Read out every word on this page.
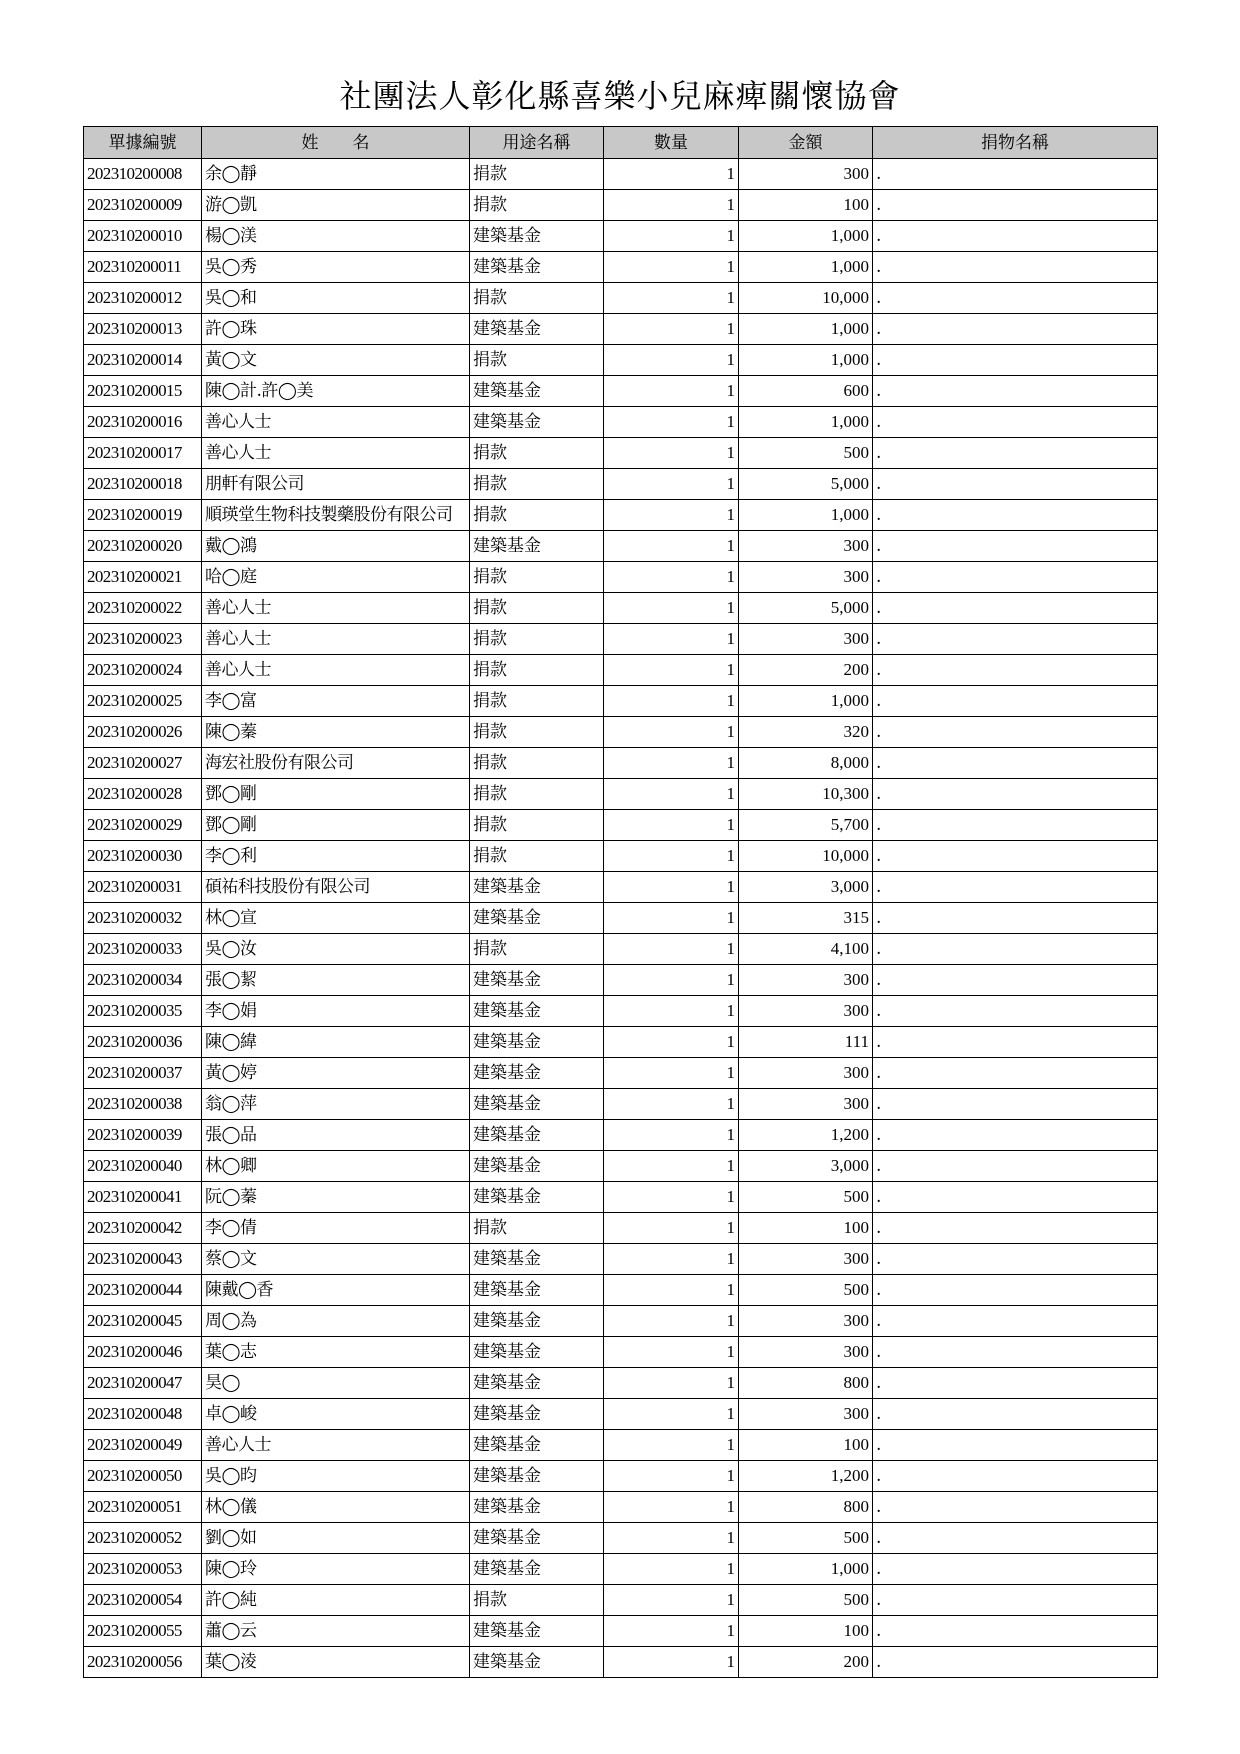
社團法人彰化縣喜樂小兒麻痺關懷協會
單據編號	姓　　名	用途名稱	數量	金額	捐物名稱
202310200008	余◯靜	捐款	1	300	.
202310200009	游◯凱	捐款	1	100	.
202310200010	楊◯渼	建築基金	1	1,000	.
202310200011	吳◯秀	建築基金	1	1,000	.
202310200012	吳◯和	捐款	1	10,000	.
202310200013	許◯珠	建築基金	1	1,000	.
202310200014	黃◯文	捐款	1	1,000	.
202310200015	陳◯計.許◯美	建築基金	1	600	.
202310200016	善心人士	建築基金	1	1,000	.
202310200017	善心人士	捐款	1	500	.
202310200018	朋軒有限公司	捐款	1	5,000	.
202310200019	順瑛堂生物科技製藥股份有限公司	捐款	1	1,000	.
202310200020	戴◯鴻	建築基金	1	300	.
202310200021	哈◯庭	捐款	1	300	.
202310200022	善心人士	捐款	1	5,000	.
202310200023	善心人士	捐款	1	300	.
202310200024	善心人士	捐款	1	200	.
202310200025	李◯富	捐款	1	1,000	.
202310200026	陳◯蓁	捐款	1	320	.
202310200027	海宏社股份有限公司	捐款	1	8,000	.
202310200028	鄧◯剛	捐款	1	10,300	.
202310200029	鄧◯剛	捐款	1	5,700	.
202310200030	李◯利	捐款	1	10,000	.
202310200031	碩祐科技股份有限公司	建築基金	1	3,000	.
202310200032	林◯宣	建築基金	1	315	.
202310200033	吳◯汝	捐款	1	4,100	.
202310200034	張◯絜	建築基金	1	300	.
202310200035	李◯娟	建築基金	1	300	.
202310200036	陳◯緯	建築基金	1	111	.
202310200037	黃◯婷	建築基金	1	300	.
202310200038	翁◯萍	建築基金	1	300	.
202310200039	張◯品	建築基金	1	1,200	.
202310200040	林◯卿	建築基金	1	3,000	.
202310200041	阮◯蓁	建築基金	1	500	.
202310200042	李◯倩	捐款	1	100	.
202310200043	蔡◯文	建築基金	1	300	.
202310200044	陳戴◯香	建築基金	1	500	.
202310200045	周◯為	建築基金	1	300	.
202310200046	葉◯志	建築基金	1	300	.
202310200047	昊◯	建築基金	1	800	.
202310200048	卓◯峻	建築基金	1	300	.
202310200049	善心人士	建築基金	1	100	.
202310200050	吳◯昀	建築基金	1	1,200	.
202310200051	林◯儀	建築基金	1	800	.
202310200052	劉◯如	建築基金	1	500	.
202310200053	陳◯玲	建築基金	1	1,000	.
202310200054	許◯純	捐款	1	500	.
202310200055	蕭◯云	建築基金	1	100	.
202310200056	葉◯淩	建築基金	1	200	.
